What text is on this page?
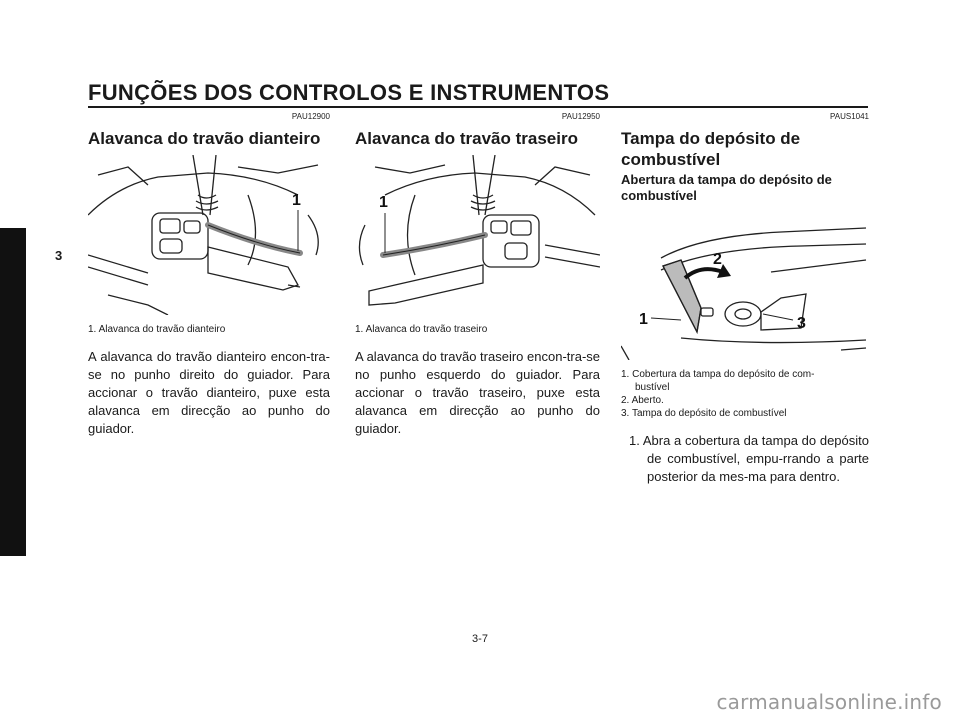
FUNÇÕES DOS CONTROLOS E INSTRUMENTOS
3
PAU12900
Alavanca do travão dianteiro
1
1. Alavanca do travão dianteiro
A alavanca do travão dianteiro encon-tra-se no punho direito do guiador. Para accionar o travão dianteiro, puxe esta alavanca em direcção ao punho do guiador.
PAU12950
Alavanca do travão traseiro
1
1. Alavanca do travão traseiro
A alavanca do travão traseiro encon-tra-se no punho esquerdo do guiador. Para accionar o travão traseiro, puxe esta alavanca em direcção ao punho do guiador.
PAUS1041
Tampa do depósito de combustível
Abertura da tampa do depósito de combustível
1
2
3
1. Cobertura da tampa do depósito de com-
bustível
2. Aberto.
3. Tampa do depósito de combustível
1. Abra a cobertura da tampa do depósito de combustível, empu-rrando a parte posterior da mes-ma para dentro.
3-7
carmanualsonline.info
